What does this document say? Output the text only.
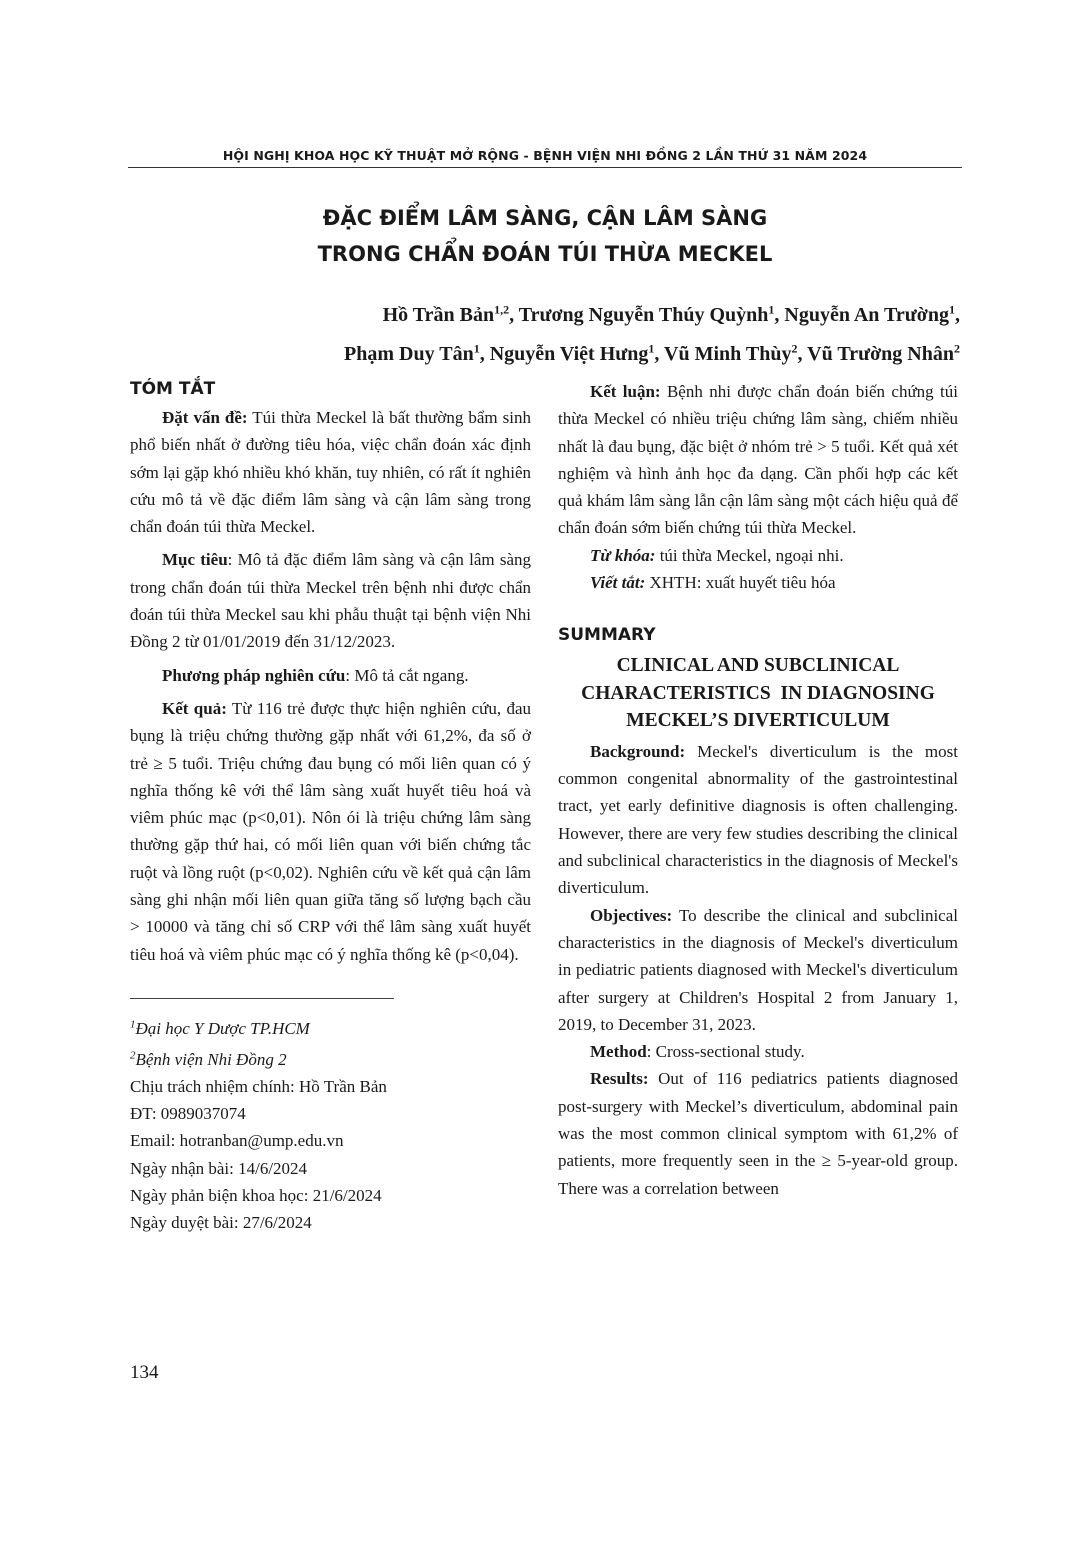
HỘI NGHỊ KHOA HỌC KỸ THUẬT MỞ RỘNG - BỆNH VIỆN NHI ĐỒNG 2 LẦN THỨ 31 NĂM 2024
ĐẶC ĐIỂM LÂM SÀNG, CẬN LÂM SÀNG
TRONG CHẨN ĐOÁN TÚI THỪA MECKEL
Hồ Trần Bản$^{1,2}$, Trương Nguyễn Thúy Quỳnh$^1$, Nguyễn An Trường$^1$,
Phạm Duy Tân$^1$, Nguyễn Việt Hưng$^1$, Vũ Minh Thùy$^2$, Vũ Trường Nhân$^2$
TÓM TẮT

Đặt vấn đề: Túi thừa Meckel là bất thường bẩm sinh phổ biến nhất ở đường tiêu hóa, việc chẩn đoán xác định sớm lại gặp khó nhiều khó khăn, tuy nhiên, có rất ít nghiên cứu mô tả về đặc điểm lâm sàng và cận lâm sàng trong chẩn đoán túi thừa Meckel.

Mục tiêu: Mô tả đặc điểm lâm sàng và cận lâm sàng trong chẩn đoán túi thừa Meckel trên bệnh nhi được chẩn đoán túi thừa Meckel sau khi phẫu thuật tại bệnh viện Nhi Đồng 2 từ 01/01/2019 đến 31/12/2023.

Phương pháp nghiên cứu: Mô tả cắt ngang.

Kết quả: Từ 116 trẻ được thực hiện nghiên cứu, đau bụng là triệu chứng thường gặp nhất với 61,2%, đa số ở trẻ ≥ 5 tuổi. Triệu chứng đau bụng có mối liên quan có ý nghĩa thống kê với thể lâm sàng xuất huyết tiêu hoá và viêm phúc mạc (p<0,01). Nôn ói là triệu chứng lâm sàng thường gặp thứ hai, có mối liên quan với biến chứng tắc ruột và lồng ruột (p<0,02). Nghiên cứu về kết quả cận lâm sàng ghi nhận mối liên quan giữa tăng số lượng bạch cầu > 10000 và tăng chỉ số CRP với thể lâm sàng xuất huyết tiêu hoá và viêm phúc mạc có ý nghĩa thống kê (p<0,04).

$^1$Đại học Y Dược TP.HCM

$^2$Bệnh viện Nhi Đồng 2

Chịu trách nhiệm chính: Hồ Trần Bản

ĐT: 0989037074

Email: hotranban@ump.edu.vn

Ngày nhận bài: 14/6/2024

Ngày phản biện khoa học: 21/6/2024

Ngày duyệt bài: 27/6/2024

Kết luận: Bệnh nhi được chẩn đoán biến chứng túi thừa Meckel có nhiều triệu chứng lâm sàng, chiếm nhiều nhất là đau bụng, đặc biệt ở nhóm trẻ > 5 tuổi. Kết quả xét nghiệm và hình ảnh học đa dạng. Cần phối hợp các kết quả khám lâm sàng lẫn cận lâm sàng một cách hiệu quả để chẩn đoán sớm biến chứng túi thừa Meckel.

Từ khóa: túi thừa Meckel, ngoại nhi.

Viết tắt: XHTH: xuất huyết tiêu hóa

SUMMARY
CLINICAL AND SUBCLINICAL
CHARACTERISTICS  IN DIAGNOSING
MECKEL’S DIVERTICULUM

Background: Meckel's diverticulum is the most common congenital abnormality of the gastrointestinal tract, yet early definitive diagnosis is often challenging. However, there are very few studies describing the clinical and subclinical characteristics in the diagnosis of Meckel's diverticulum.

Objectives: To describe the clinical and subclinical characteristics in the diagnosis of Meckel's diverticulum in pediatric patients diagnosed with Meckel's diverticulum after surgery at Children's Hospital 2 from January 1, 2019, to December 31, 2023.

Method: Cross-sectional study.

Results: Out of 116 pediatrics patients diagnosed post-surgery with Meckel’s diverticulum, abdominal pain was the most common clinical symptom with 61,2% of patients, more frequently seen in the ≥ 5-year-old group. There was a correlation between

134
